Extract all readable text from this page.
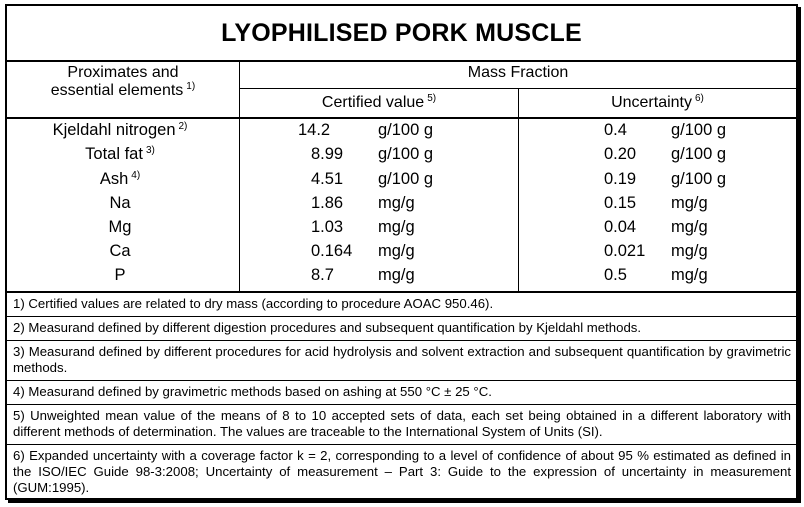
LYOPHILISED PORK MUSCLE
Proximates and
essential elements $^{1)}$
Mass Fraction
Certified value $^{5)}$	Uncertainty $^{6)}$
Kjeldahl nitrogen $^{2)}$	14.2	g/100 g	0.4	g/100 g
Total fat $^{3)}$	8.99 g/100 g	0.20 g/100 g
Ash $^{4)}$	4.51 g/100 g	0.19 g/100 g
Na	1.86 mg/g	0.15 mg/g
Mg	1.03 mg/g	0.04 mg/g
Ca	0.164 mg/g	0.021 mg/g
P	8.7	mg/g	0.5	mg/g
1) Certified values are related to dry mass (according to procedure AOAC 950.46).
2) Measurand defined by different digestion procedures and subsequent quantification by Kjeldahl methods.
3) Measurand defined by different procedures for acid hydrolysis and solvent extraction and subsequent quantification by gravimetric methods.
4) Measurand defined by gravimetric methods based on ashing at 550 °C ± 25 °C.
5) Unweighted mean value of the means of 8 to 10 accepted sets of data, each set being obtained in a different laboratory with different methods of determination. The values are traceable to the International System of Units (SI).
6) Expanded uncertainty with a coverage factor k = 2, corresponding to a level of confidence of about 95 % estimated as defined in the ISO/IEC Guide 98-3:2008; Uncertainty of measurement – Part 3: Guide to the expression of uncertainty in measurement (GUM:1995).
